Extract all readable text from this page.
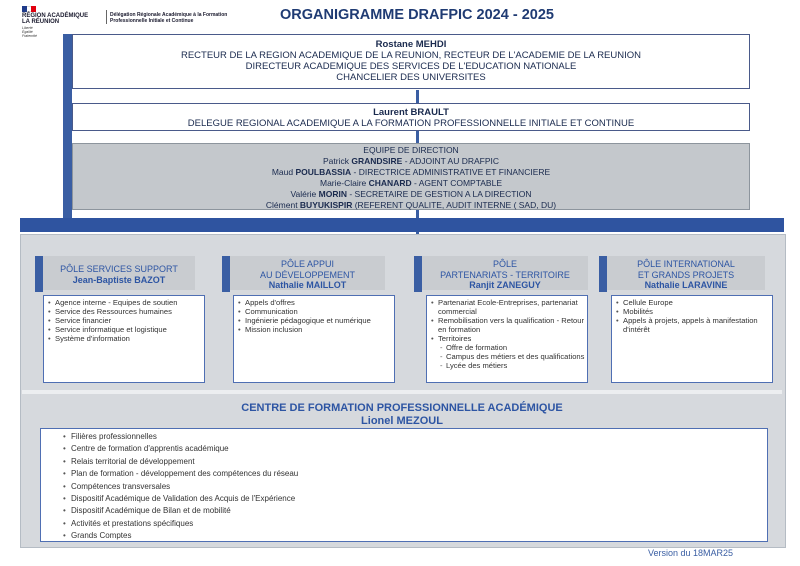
RÉGION ACADÉMIQUE
LA RÉUNION
Liberté
Égalité
Fraternité
Délégation Régionale Académique à la Formation
Professionnelle Initiale et Continue	ORGANIGRAMME DRAFPIC 2024 - 2025
Rostane MEHDI
RECTEUR DE LA REGION ACADEMIQUE DE LA REUNION, RECTEUR DE L'ACADEMIE DE LA REUNION
DIRECTEUR ACADEMIQUE DES SERVICES DE L'EDUCATION NATIONALE
CHANCELIER DES UNIVERSITES
Laurent BRAULT
DELEGUE REGIONAL ACADEMIQUE A LA FORMATION PROFESSIONNELLE INITIALE ET CONTINUE
EQUIPE DE DIRECTION
Patrick GRANDSIRE - ADJOINT AU DRAFPIC
Maud POULBASSIA - DIRECTRICE ADMINISTRATIVE ET FINANCIERE
Marie-Claire CHANARD - AGENT COMPTABLE
Valérie MORIN - SECRETAIRE DE GESTION A LA DIRECTION
Clément BUYUKISPIR (REFERENT QUALITE, AUDIT INTERNE ( SAD, DU)
PÔLE SERVICES SUPPORT
Jean-Baptiste BAZOT
• Agence interne - Equipes de soutien
• Service des Ressources humaines
• Service financier
• Service informatique et logistique
• Système d'information
PÔLE APPUI
AU DÉVELOPPEMENT
Nathalie MAILLOT
• Appels d'offres
• Communication
• Ingénierie pédagogique et numérique
• Mission inclusion
PÔLE
PARTENARIATS - TERRITOIRE
Ranjit ZANEGUY
• Partenariat Ecole-Entreprises, partenariat commercial
• Remobilisation vers la qualification - Retour en formation
• Territoires
- Offre de formation
- Campus des métiers et des qualifications
- Lycée des métiers
PÔLE INTERNATIONAL
ET GRANDS PROJETS
Nathalie LARAVINE
• Cellule Europe
• Mobilités
• Appels à projets, appels à manifestation d'intérêt
CENTRE DE FORMATION PROFESSIONNELLE ACADÉMIQUE
Lionel MEZOUL
• Filières professionnelles
• Centre de formation d'apprentis académique
• Relais territorial de développement
• Plan de formation - développement des compétences du réseau
• Compétences transversales
• Dispositif Académique de Validation des Acquis de l'Expérience
• Dispositif Académique de Bilan et de mobilité
• Activités et prestations spécifiques
• Grands Comptes
Version du 18MAR25
